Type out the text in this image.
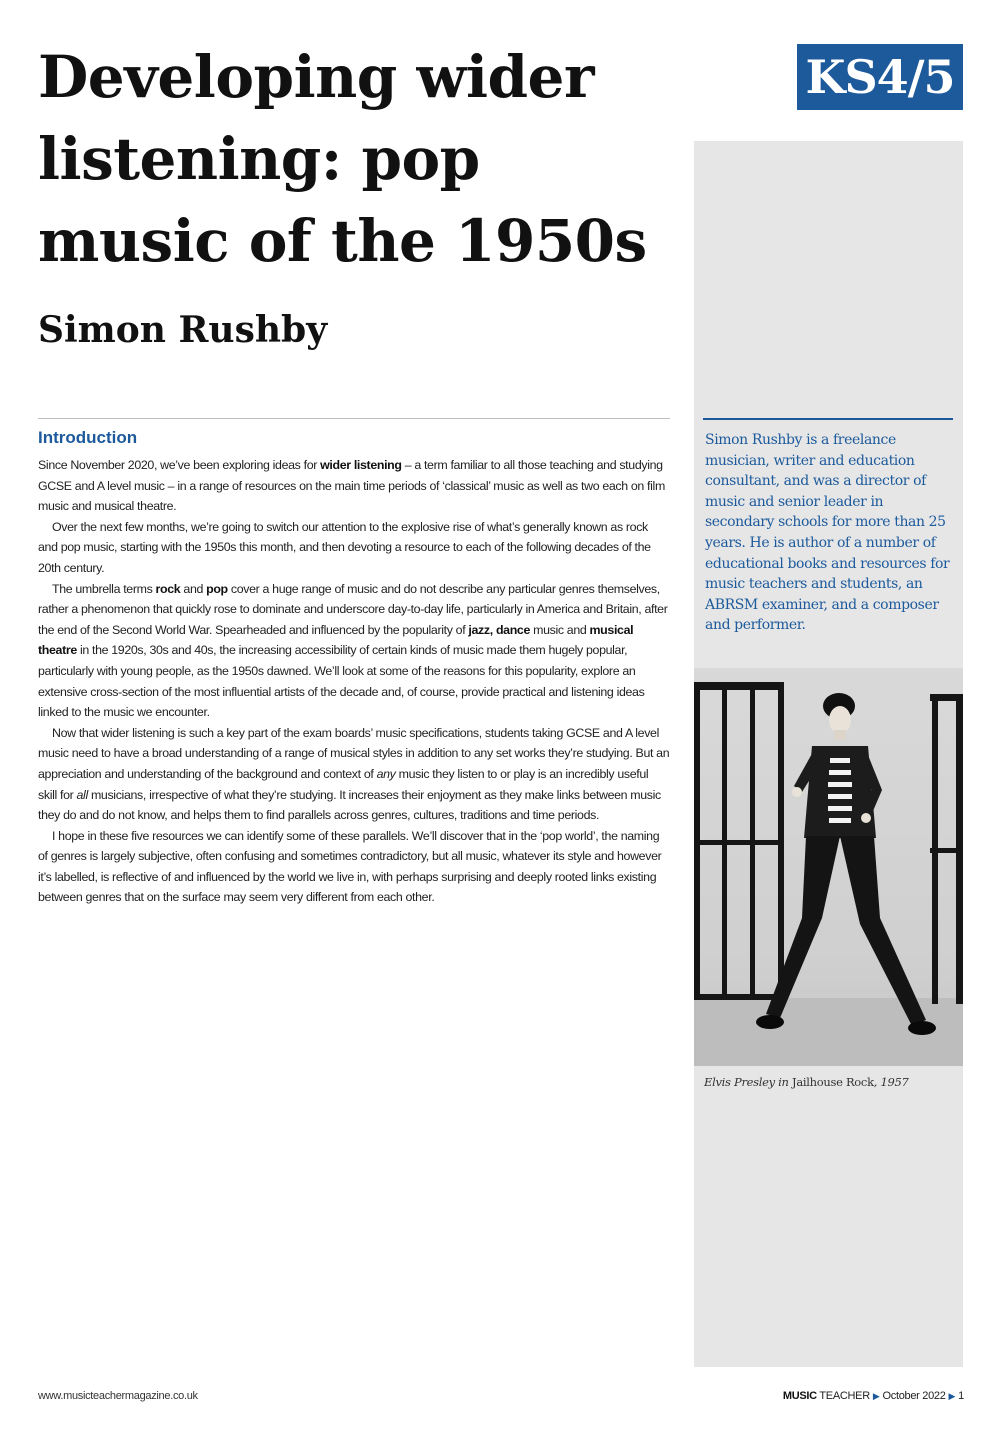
Developing wider listening: pop music of the 1950s
Simon Rushby
KS4/5
Introduction

Since November 2020, we’ve been exploring ideas for wider listening – a term familiar to all those teaching and studying GCSE and A level music – in a range of resources on the main time periods of ‘classical’ music as well as two each on film music and musical theatre.

Over the next few months, we’re going to switch our attention to the explosive rise of what’s generally known as rock and pop music, starting with the 1950s this month, and then devoting a resource to each of the following decades of the 20th century.

The umbrella terms rock and pop cover a huge range of music and do not describe any particular genres themselves, rather a phenomenon that quickly rose to dominate and underscore day-to-day life, particularly in America and Britain, after the end of the Second World War. Spearheaded and influenced by the popularity of jazz, dance music and musical theatre in the 1920s, 30s and 40s, the increasing accessibility of certain kinds of music made them hugely popular, particularly with young people, as the 1950s dawned. We’ll look at some of the reasons for this popularity, explore an extensive cross-section of the most influential artists of the decade and, of course, provide practical and listening ideas linked to the music we encounter.

Now that wider listening is such a key part of the exam boards’ music specifications, students taking GCSE and A level music need to have a broad understanding of a range of musical styles in addition to any set works they’re studying. But an appreciation and understanding of the background and context of any music they listen to or play is an incredibly useful skill for all musicians, irrespective of what they’re studying. It increases their enjoyment as they make links between music they do and do not know, and helps them to find parallels across genres, cultures, traditions and time periods.

I hope in these five resources we can identify some of these parallels. We’ll discover that in the ‘pop world’, the naming of genres is largely subjective, often confusing and sometimes contradictory, but all music, whatever its style and however it’s labelled, is reflective of and influenced by the world we live in, with perhaps surprising and deeply rooted links existing between genres that on the surface may seem very different from each other.

Simon Rushby is a freelance musician, writer and education consultant, and was a director of music and senior leader in secondary schools for more than 25 years. He is author of a number of educational books and resources for music teachers and students, an ABRSM examiner, and a composer and performer.

Elvis Presley in Jailhouse Rock, 1957

www.musicteachermagazine.co.uk	MUSIC TEACHER ▶ October 2022 ▶ 1
